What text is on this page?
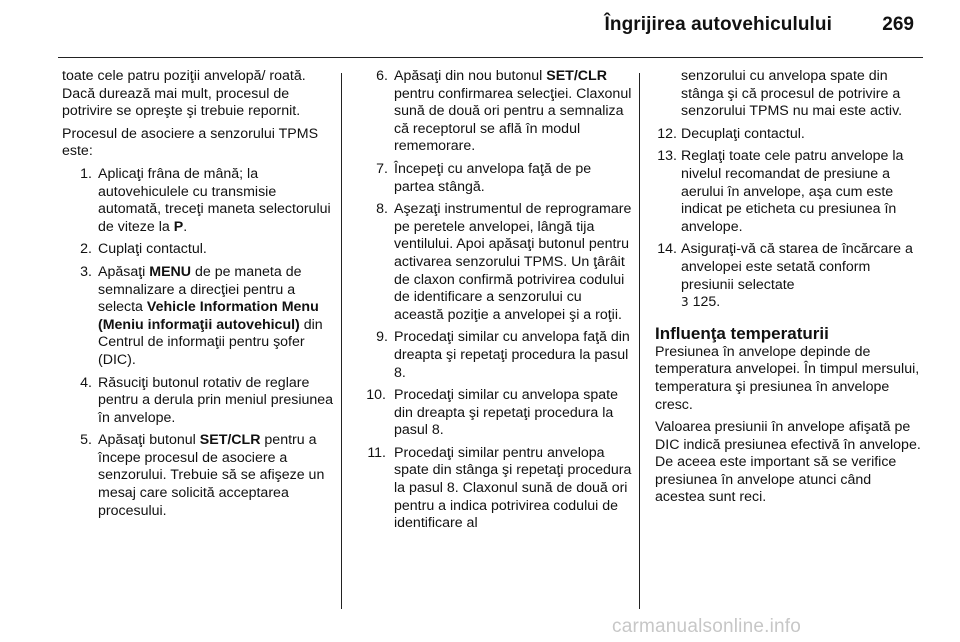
Îngrijirea autovehiculului	269

toate cele patru poziţii anvelopă/ roată. Dacă durează mai mult, procesul de potrivire se opreşte şi trebuie repornit.

Procesul de asociere a senzorului TPMS este:

1. Aplicaţi frâna de mână; la autovehiculele cu transmisie automată, treceţi maneta selectorului de viteze la P.
2. Cuplaţi contactul.
3. Apăsaţi MENU de pe maneta de semnalizare a direcţiei pentru a selecta Vehicle Information Menu (Meniu informaţii autovehicul) din Centrul de informaţii pentru şofer (DIC).
4. Răsuciţi butonul rotativ de reglare pentru a derula prin meniul presiunea în anvelope.
5. Apăsaţi butonul SET/CLR pentru a începe procesul de asociere a senzorului. Trebuie să se afişeze un mesaj care solicită acceptarea procesului.
6. Apăsaţi din nou butonul SET/CLR pentru confirmarea selecţiei. Claxonul sună de două ori pentru a semnaliza că receptorul se află în modul rememorare.
7. Începeţi cu anvelopa faţă de pe partea stângă.
8. Aşezaţi instrumentul de reprogramare pe peretele anvelopei, lângă tija ventilului. Apoi apăsaţi butonul pentru activarea senzorului TPMS. Un ţârâit de claxon confirmă potrivirea codului de identificare a senzorului cu această poziţie a anvelopei şi a roţii.
9. Procedaţi similar cu anvelopa faţă din dreapta şi repetaţi procedura la pasul 8.
10. Procedaţi similar cu anvelopa spate din dreapta şi repetaţi procedura la pasul 8.
11. Procedaţi similar pentru anvelopa spate din stânga şi repetaţi procedura la pasul 8. Claxonul sună de două ori pentru a indica potrivirea codului de identificare al

senzorului cu anvelopa spate din stânga şi că procesul de potrivire a senzorului TPMS nu mai este activ.

12. Decuplaţi contactul.
13. Reglaţi toate cele patru anvelope la nivelul recomandat de presiune a aerului în anvelope, aşa cum este indicat pe eticheta cu presiunea în anvelope.
14. Asiguraţi-vă că starea de încărcare a anvelopei este setată conform presiunii selectate
3 125.
Influenţa temperaturii

Presiunea în anvelope depinde de temperatura anvelopei. În timpul mersului, temperatura şi presiunea în anvelope cresc.

Valoarea presiunii în anvelope afişată pe DIC indică presiunea efectivă în anvelope. De aceea este important să se verifice presiunea în anvelope atunci când acestea sunt reci.

carmanualsonline.info
